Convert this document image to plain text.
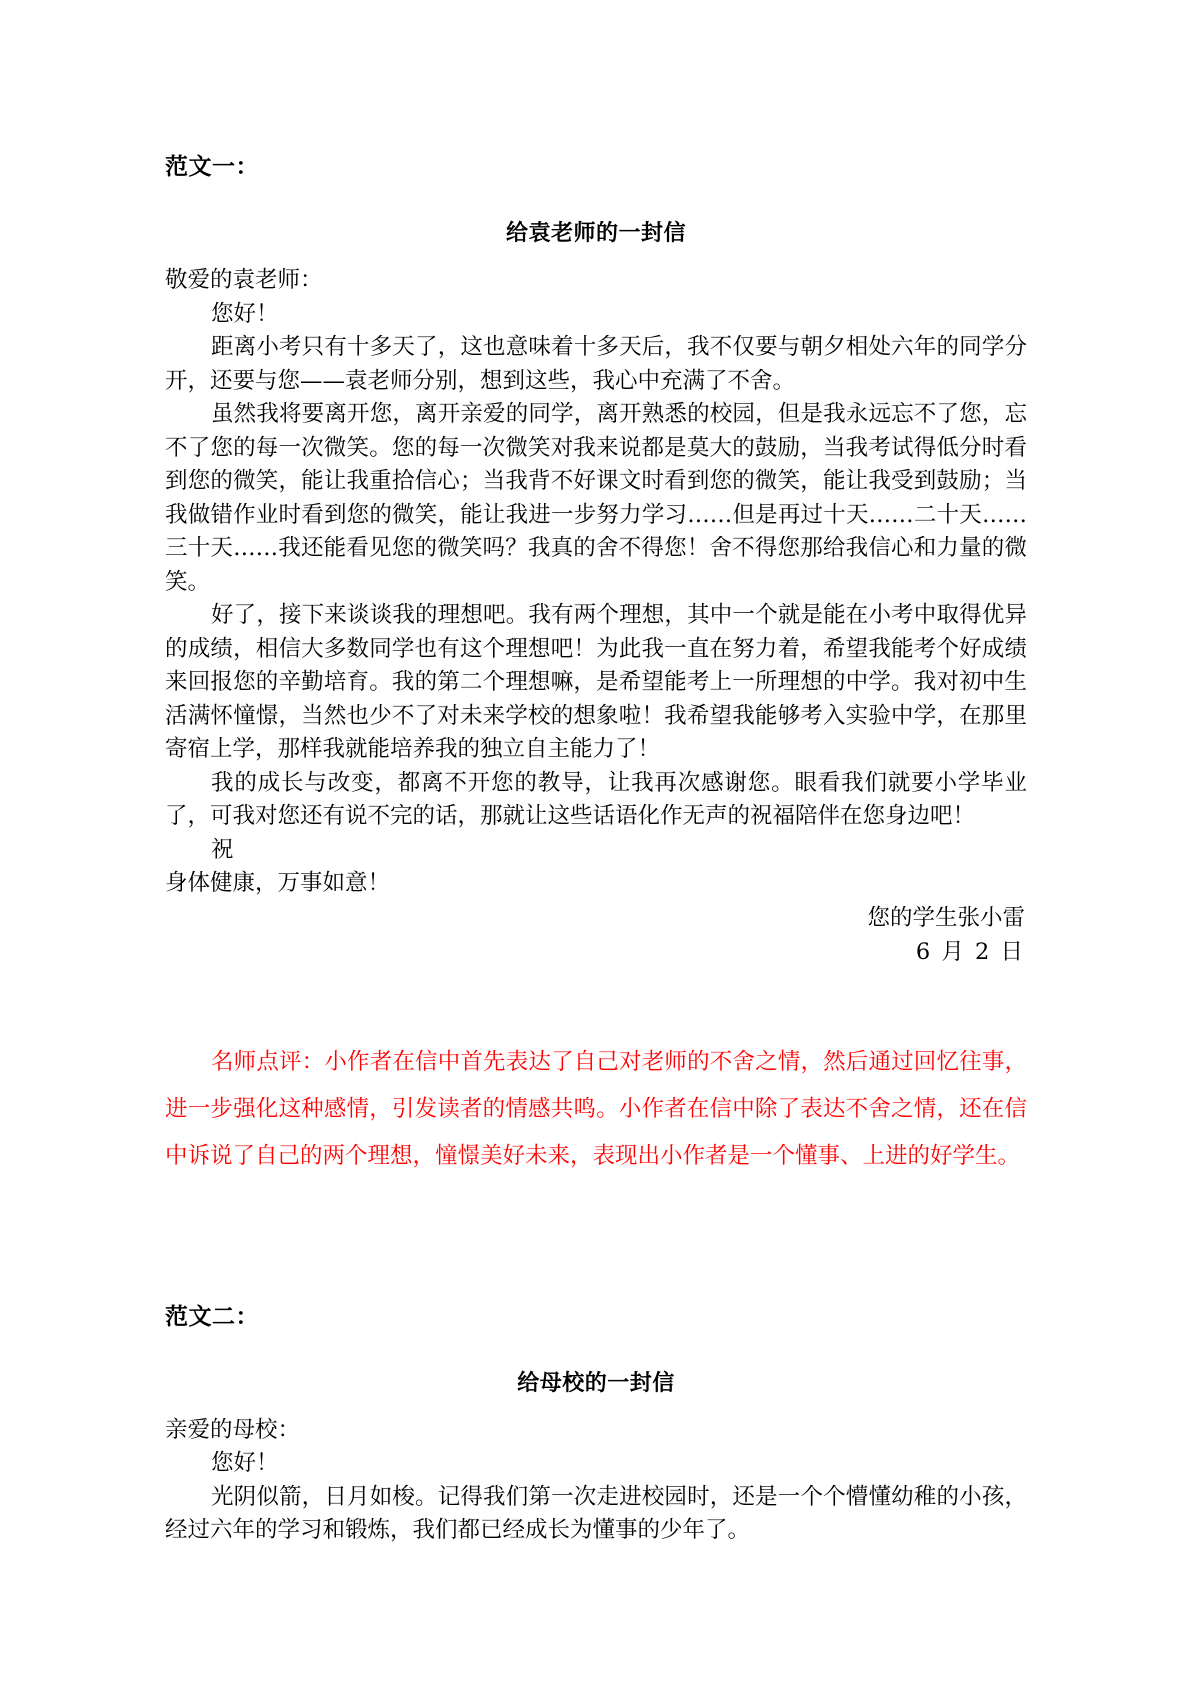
范文一：

给袁老师的一封信

敬爱的袁老师：

您好！

距离小考只有十多天了，这也意味着十多天后，我不仅要与朝夕相处六年的同学分开，还要与您——袁老师分别，想到这些，我心中充满了不舍。

虽然我将要离开您，离开亲爱的同学，离开熟悉的校园，但是我永远忘不了您，忘不了您的每一次微笑。您的每一次微笑对我来说都是莫大的鼓励，当我考试得低分时看到您的微笑，能让我重拾信心；当我背不好课文时看到您的微笑，能让我受到鼓励；当我做错作业时看到您的微笑，能让我进一步努力学习……但是再过十天……二十天……三十天……我还能看见您的微笑吗？我真的舍不得您！舍不得您那给我信心和力量的微笑。

好了，接下来谈谈我的理想吧。我有两个理想，其中一个就是能在小考中取得优异的成绩，相信大多数同学也有这个理想吧！为此我一直在努力着，希望我能考个好成绩来回报您的辛勤培育。我的第二个理想嘛，是希望能考上一所理想的中学。我对初中生活满怀憧憬，当然也少不了对未来学校的想象啦！我希望我能够考入实验中学，在那里寄宿上学，那样我就能培养我的独立自主能力了！

我的成长与改变，都离不开您的教导，让我再次感谢您。眼看我们就要小学毕业了，可我对您还有说不完的话，那就让这些话语化作无声的祝福陪伴在您身边吧！

祝

身体健康，万事如意！

您的学生张小雷

6 月 2 日

名师点评：小作者在信中首先表达了自己对老师的不舍之情，然后通过回忆往事，进一步强化这种感情，引发读者的情感共鸣。小作者在信中除了表达不舍之情，还在信中诉说了自己的两个理想，憧憬美好未来，表现出小作者是一个懂事、上进的好学生。

范文二：

给母校的一封信

亲爱的母校：

您好！

光阴似箭，日月如梭。记得我们第一次走进校园时，还是一个个懵懂幼稚的小孩，经过六年的学习和锻炼，我们都已经成长为懂事的少年了。
